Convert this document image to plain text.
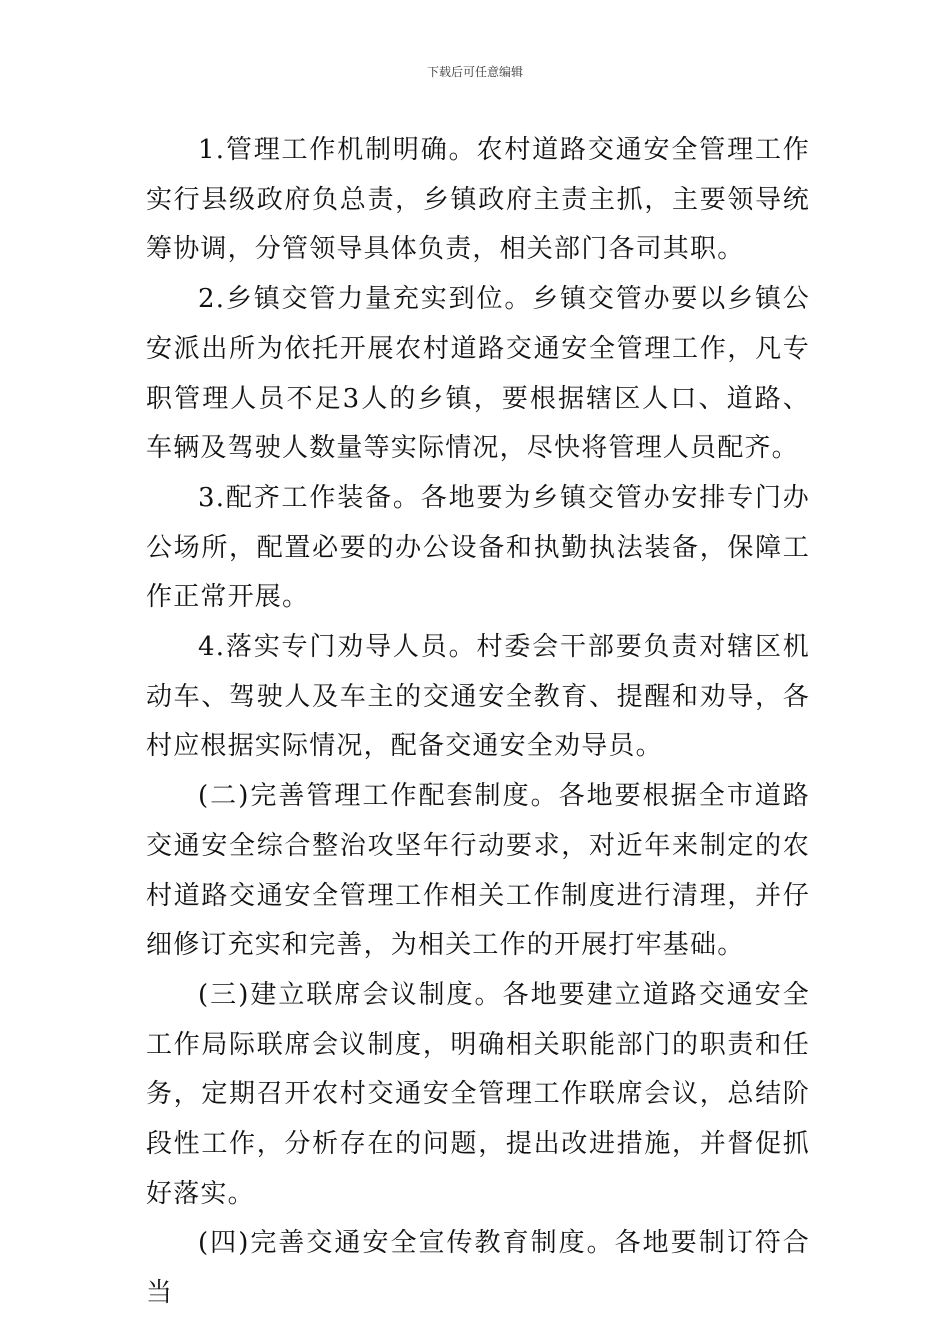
下载后可任意编辑

1.管理工作机制明确。农村道路交通安全管理工作实行县级政府负总责，乡镇政府主责主抓，主要领导统筹协调，分管领导具体负责，相关部门各司其职。

2.乡镇交管力量充实到位。乡镇交管办要以乡镇公安派出所为依托开展农村道路交通安全管理工作，凡专职管理人员不足3人的乡镇，要根据辖区人口、道路、车辆及驾驶人数量等实际情况，尽快将管理人员配齐。

3.配齐工作装备。各地要为乡镇交管办安排专门办公场所，配置必要的办公设备和执勤执法装备，保障工作正常开展。

4.落实专门劝导人员。村委会干部要负责对辖区机动车、驾驶人及车主的交通安全教育、提醒和劝导，各村应根据实际情况，配备交通安全劝导员。

(二)完善管理工作配套制度。各地要根据全市道路交通安全综合整治攻坚年行动要求，对近年来制定的农村道路交通安全管理工作相关工作制度进行清理，并仔细修订充实和完善，为相关工作的开展打牢基础。

(三)建立联席会议制度。各地要建立道路交通安全工作局际联席会议制度，明确相关职能部门的职责和任务，定期召开农村交通安全管理工作联席会议，总结阶段性工作，分析存在的问题，提出改进措施，并督促抓好落实。

(四)完善交通安全宣传教育制度。各地要制订符合当
